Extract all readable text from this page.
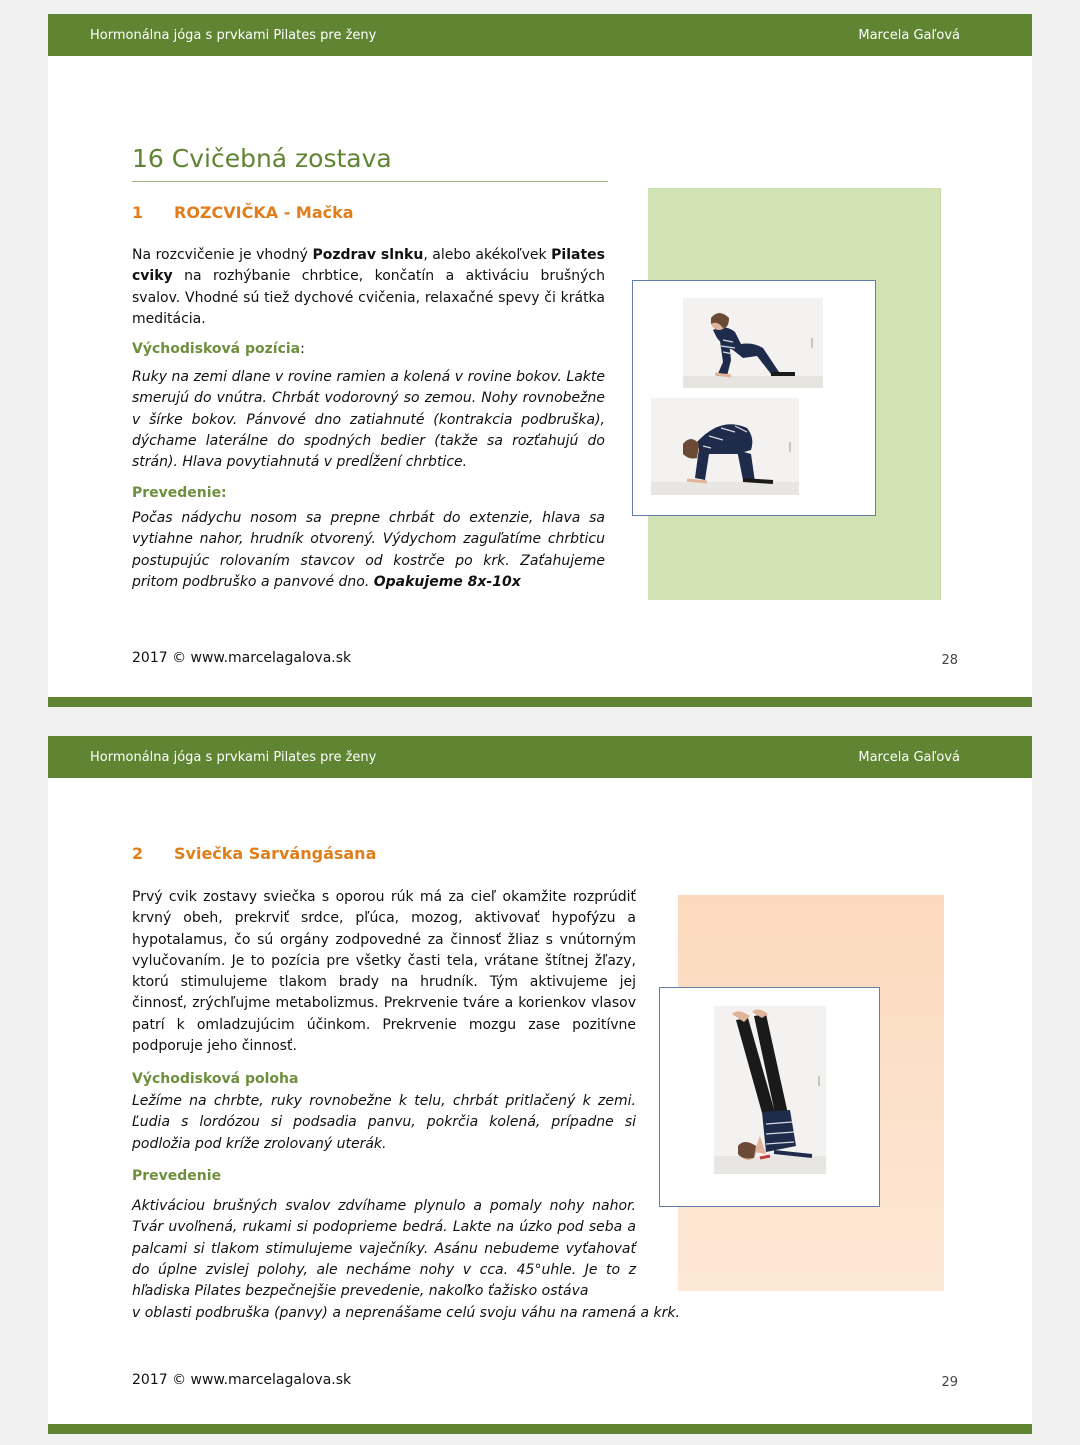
Hormonálna jóga s prvkami Pilates pre ženy	Marcela Gaľová
16 Cvičebná zostava
1 ROZCVIČKA - Mačka

Na rozcvičenie je vhodný Pozdrav slnku, alebo akékoľvek Pilates cviky na rozhýbanie chrbtice, končatín a aktiváciu brušných svalov. Vhodné sú tiež dychové cvičenia, relaxačné spevy či krátka meditácia.

Východisková pozícia:

Ruky na zemi dlane v rovine ramien a kolená v rovine bokov. Lakte smerujú do vnútra. Chrbát vodorovný so zemou. Nohy rovnobežne v šírke bokov. Pánvové dno zatiahnuté (kontrakcia podbruška), dýchame laterálne do spodných bedier (takže sa rozťahujú do strán). Hlava povytiahnutá v predĺžení chrbtice.

Prevedenie:

Počas nádychu nosom sa prepne chrbát do extenzie, hlava sa vytiahne nahor, hrudník otvorený. Výdychom zaguľatíme chrbticu postupujúc rolovaním stavcov od kostrče po krk. Zaťahujeme pritom podbruško a panvové dno. Opakujeme 8x-10x

2017 © www.marcelagalova.sk	28
Hormonálna jóga s prvkami Pilates pre ženy	Marcela Gaľová
2 Sviečka Sarvángásana

Prvý cvik zostavy sviečka s oporou rúk má za cieľ okamžite rozprúdiť krvný obeh, prekrviť srdce, pľúca, mozog, aktivovať hypofýzu a hypotalamus, čo sú orgány zodpovedné za činnosť žliaz s vnútorným vylučovaním. Je to pozícia pre všetky časti tela, vrátane štítnej žľazy, ktorú stimulujeme tlakom brady na hrudník. Tým aktivujeme jej činnosť, zrýchľujme metabolizmus. Prekrvenie tváre a korienkov vlasov patrí k omladzujúcim účinkom. Prekrvenie mozgu zase pozitívne podporuje jeho činnosť.

Východisková poloha

Ležíme na chrbte, ruky rovnobežne k telu, chrbát pritlačený k zemi. Ľudia s lordózou si podsadia panvu, pokrčia kolená, prípadne si podložia pod kríže zrolovaný uterák.

Prevedenie

Aktiváciou brušných svalov zdvíhame plynulo a pomaly nohy nahor. Tvár uvoľnená, rukami si podoprieme bedrá. Lakte na úzko pod seba a palcami si tlakom stimulujeme vaječníky. Asánu nebudeme vyťahovať do úplne zvislej polohy, ale necháme nohy v cca. 45°uhle. Je to z hľadiska Pilates bezpečnejšie prevedenie, nakoľko ťažisko ostáva

v oblasti podbruška (panvy) a neprenášame celú svoju váhu na ramená a krk.
2017 © www.marcelagalova.sk	29
